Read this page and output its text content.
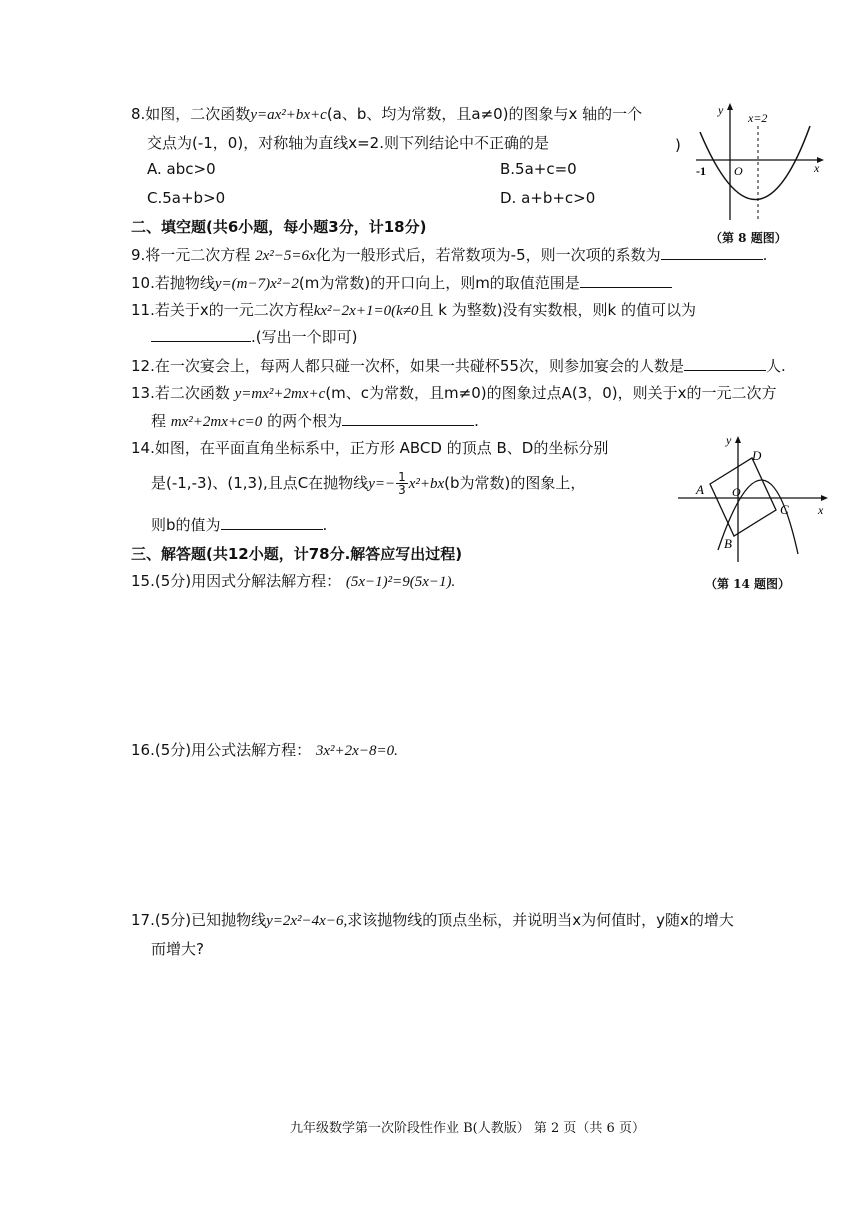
8.如图，二次函数y=ax²+bx+c(a、b、均为常数，且a≠0)的图象与x 轴的一个
交点为(-1，0)，对称轴为直线x=2.则下列结论中不正确的是	)
A. abc>0	B.5a+c=0
C.5a+b>0	D. a+b+c>0
y
x
x=2
-1 O
（第 8 题图）
二、填空题(共6小题，每小题3分，计18分)
9.将一元二次方程 2x²−5=6x化为一般形式后，若常数项为-5，则一次项的系数为	.
10.若抛物线y=(m−7)x²−2(m为常数)的开口向上，则m的取值范围是
11.若关于x的一元二次方程kx²−2x+1=0(k≠0且 k 为整数)没有实数根，则k 的值可以为
.(写出一个即可)
12.在一次宴会上，每两人都只碰一次杯，如果一共碰杯55次，则参加宴会的人数是	人.
13.若二次函数 y=mx²+2mx+c(m、c为常数，且m≠0)的图象过点A(3，0)，则关于x的一元二次方
程 mx²+2mx+c=0 的两个根为	.
14.如图，在平面直角坐标系中，正方形 ABCD 的顶点 B、D的坐标分别
是(-1,-3)、(1,3),且点C在抛物线$y=- \frac{1}{3} x^2+bx(b$为常数)的图象上，
则b的值为	.
y
x
D
A O
C
B
（第 14 题图）
三、解答题(共12小题，计78分.解答应写出过程)
15.(5分)用因式分解法解方程： (5x−1)²=9(5x−1).
16.(5分)用公式法解方程： 3x²+2x−8=0.
17.(5分)已知抛物线y=2x²−4x−6,求该抛物线的顶点坐标，并说明当x为何值时，y随x的增大
而增大?
九年级数学第一次阶段性作业 B(人教版） 第 2 页（共 6 页）
